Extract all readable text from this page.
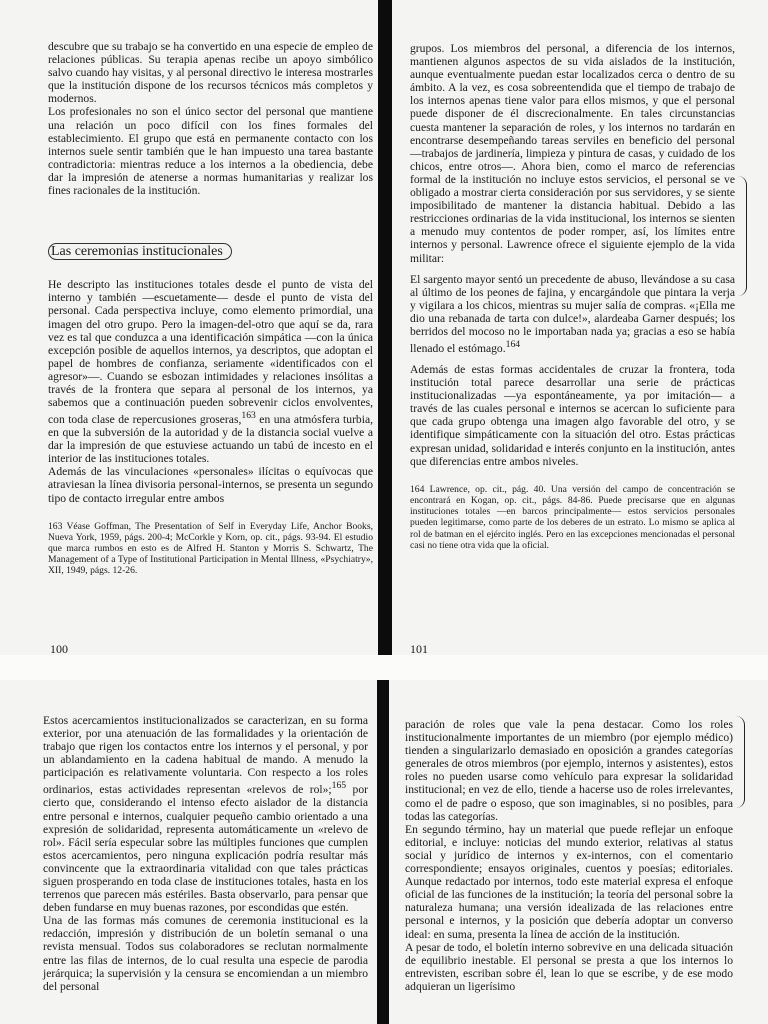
descubre que su trabajo se ha convertido en una especie de empleo de relaciones públicas. Su terapia apenas recibe un apoyo simbólico salvo cuando hay visitas, y al personal directivo le interesa mostrarles que la institución dispone de los recursos técnicos más completos y modernos.

Los profesionales no son el único sector del personal que mantiene una relación un poco difícil con los fines formales del establecimiento. El grupo que está en permanente contacto con los internos suele sentir también que le han impuesto una tarea bastante contradictoria: mientras reduce a los internos a la obediencia, debe dar la impresión de atenerse a normas humanitarias y realizar los fines racionales de la institución.

Las ceremonias institucionales

He descripto las instituciones totales desde el punto de vista del interno y también —escuetamente— desde el punto de vista del personal. Cada perspectiva incluye, como elemento primordial, una imagen del otro grupo. Pero la imagen-del-otro que aquí se da, rara vez es tal que conduzca a una identificación simpática —con la única excepción posible de aquellos internos, ya descriptos, que adoptan el papel de hombres de confianza, seriamente «identificados con el agresor»—. Cuando se esbozan intimidades y relaciones insólitas a través de la frontera que separa al personal de los internos, ya sabemos que a continuación pueden sobrevenir ciclos envolventes, con toda clase de repercusiones groseras,$^{163}$ en una atmósfera turbia, en que la subversión de la autoridad y de la distancia social vuelve a dar la impresión de que estuviese actuando un tabú de incesto en el interior de las instituciones totales.

Además de las vinculaciones «personales» ilícitas o equívocas que atraviesan la línea divisoria personal-internos, se presenta un segundo tipo de contacto irregular entre ambos

163 Véase Goffman, The Presentation of Self in Everyday Life, Anchor Books, Nueva York, 1959, págs. 200-4; McCorkle y Korn, op. cit., págs. 93-94. El estudio que marca rumbos en esto es de Alfred H. Stanton y Morris S. Schwartz, The Management of a Type of Institutional Participation in Mental Illness, «Psychiatry», XII, 1949, págs. 12-26.

100

grupos. Los miembros del personal, a diferencia de los internos, mantienen algunos aspectos de su vida aislados de la institución, aunque eventualmente puedan estar localizados cerca o dentro de su ámbito. A la vez, es cosa sobreentendida que el tiempo de trabajo de los internos apenas tiene valor para ellos mismos, y que el personal puede disponer de él discrecionalmente. En tales circunstancias cuesta mantener la separación de roles, y los internos no tardarán en encontrarse desempeñando tareas serviles en beneficio del personal —trabajos de jardinería, limpieza y pintura de casas, y cuidado de los chicos, entre otros—. Ahora bien, como el marco de referencias formal de la institución no incluye estos servicios, el personal se ve obligado a mostrar cierta consideración por sus servidores, y se siente imposibilitado de mantener la distancia habitual. Debido a las restricciones ordinarias de la vida institucional, los internos se sienten a menudo muy contentos de poder romper, así, los límites entre internos y personal. Lawrence ofrece el siguiente ejemplo de la vida militar:

El sargento mayor sentó un precedente de abuso, llevándose a su casa al último de los peones de fajina, y encargándole que pintara la verja y vigilara a los chicos, mientras su mujer salía de compras. «¡Ella me dio una rebanada de tarta con dulce!», alardeaba Garner después; los berridos del mocoso no le importaban nada ya; gracias a eso se había llenado el estómago.$^{164}$

Además de estas formas accidentales de cruzar la frontera, toda institución total parece desarrollar una serie de prácticas institucionalizadas —ya espontáneamente, ya por imitación— a través de las cuales personal e internos se acercan lo suficiente para que cada grupo obtenga una imagen algo favorable del otro, y se identifique simpáticamente con la situación del otro. Estas prácticas expresan unidad, solidaridad e interés conjunto en la institución, antes que diferencias entre ambos niveles.

164 Lawrence, op. cit., pág. 40. Una versión del campo de concentración se encontrará en Kogan, op. cit., págs. 84-86. Puede precisarse que en algunas instituciones totales —en barcos principalmente— estos servicios personales pueden legitimarse, como parte de los deberes de un estrato. Lo mismo se aplica al rol de batman en el ejército inglés. Pero en las excepciones mencionadas el personal casi no tiene otra vida que la oficial.

101

Estos acercamientos institucionalizados se caracterizan, en su forma exterior, por una atenuación de las formalidades y la orientación de trabajo que rigen los contactos entre los internos y el personal, y por un ablandamiento en la cadena habitual de mando. A menudo la participación es relativamente voluntaria. Con respecto a los roles ordinarios, estas actividades representan «relevos de rol»;$^{165}$ por cierto que, considerando el intenso efecto aislador de la distancia entre personal e internos, cualquier pequeño cambio orientado a una expresión de solidaridad, representa automáticamente un «relevo de rol». Fácil sería especular sobre las múltiples funciones que cumplen estos acercamientos, pero ninguna explicación podría resultar más convincente que la extraordinaria vitalidad con que tales prácticas siguen prosperando en toda clase de instituciones totales, hasta en los terrenos que parecen más estériles. Basta observarlo, para pensar que deben fundarse en muy buenas razones, por escondidas que estén.

Una de las formas más comunes de ceremonia institucional es la redacción, impresión y distribución de un boletín semanal o una revista mensual. Todos sus colaboradores se reclutan normalmente entre las filas de internos, de lo cual resulta una especie de parodia jerárquica; la supervisión y la censura se encomiendan a un miembro del personal

paración de roles que vale la pena destacar. Como los roles institucionalmente importantes de un miembro (por ejemplo médico) tienden a singularizarlo demasiado en oposición a grandes categorías generales de otros miembros (por ejemplo, internos y asistentes), estos roles no pueden usarse como vehículo para expresar la solidaridad institucional; en vez de ello, tiende a hacerse uso de roles irrelevantes, como el de padre o esposo, que son imaginables, si no posibles, para todas las categorías.

En segundo término, hay un material que puede reflejar un enfoque editorial, e incluye: noticias del mundo exterior, relativas al status social y jurídico de internos y ex-internos, con el comentario correspondiente; ensayos originales, cuentos y poesías; editoriales. Aunque redactado por internos, todo este material expresa el enfoque oficial de las funciones de la institución; la teoría del personal sobre la naturaleza humana; una versión idealizada de las relaciones entre personal e internos, y la posición que debería adoptar un converso ideal: en suma, presenta la línea de acción de la institución.

A pesar de todo, el boletín interno sobrevive en una delicada situación de equilibrio inestable. El personal se presta a que los internos lo entrevisten, escriban sobre él, lean lo que se escribe, y de ese modo adquieran un ligerísimo
